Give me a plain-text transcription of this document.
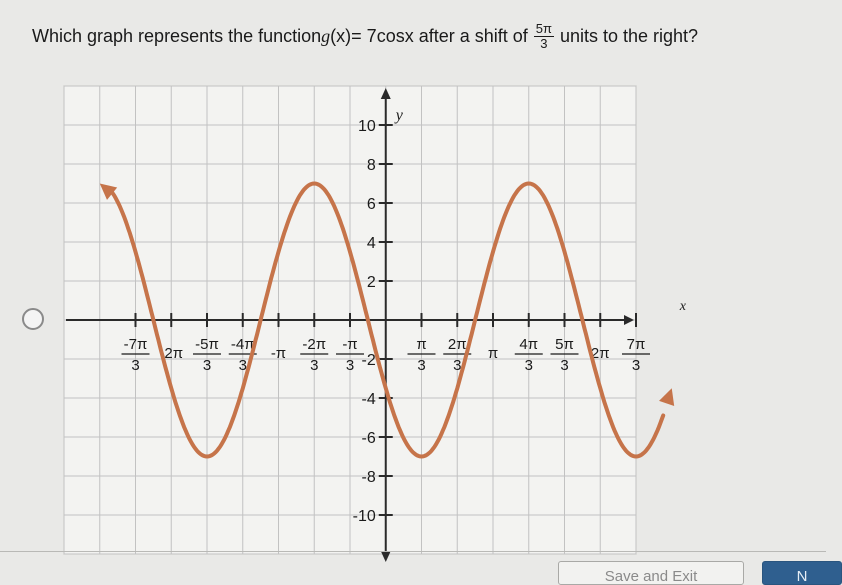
Which graph represents the function g (x) = 7cosx after a shift of $\frac{5\pi}{3}$ units to the right?
y
x
10
8
6
4
2
-2
-4
-6
-8
-10
-7π
3
-2π
-5π
3
-4π
3
-π
-2π
3
-π
3
π
3
2π
3
π
4π
3
5π
3
2π
7π
3
Save and Exit	N
